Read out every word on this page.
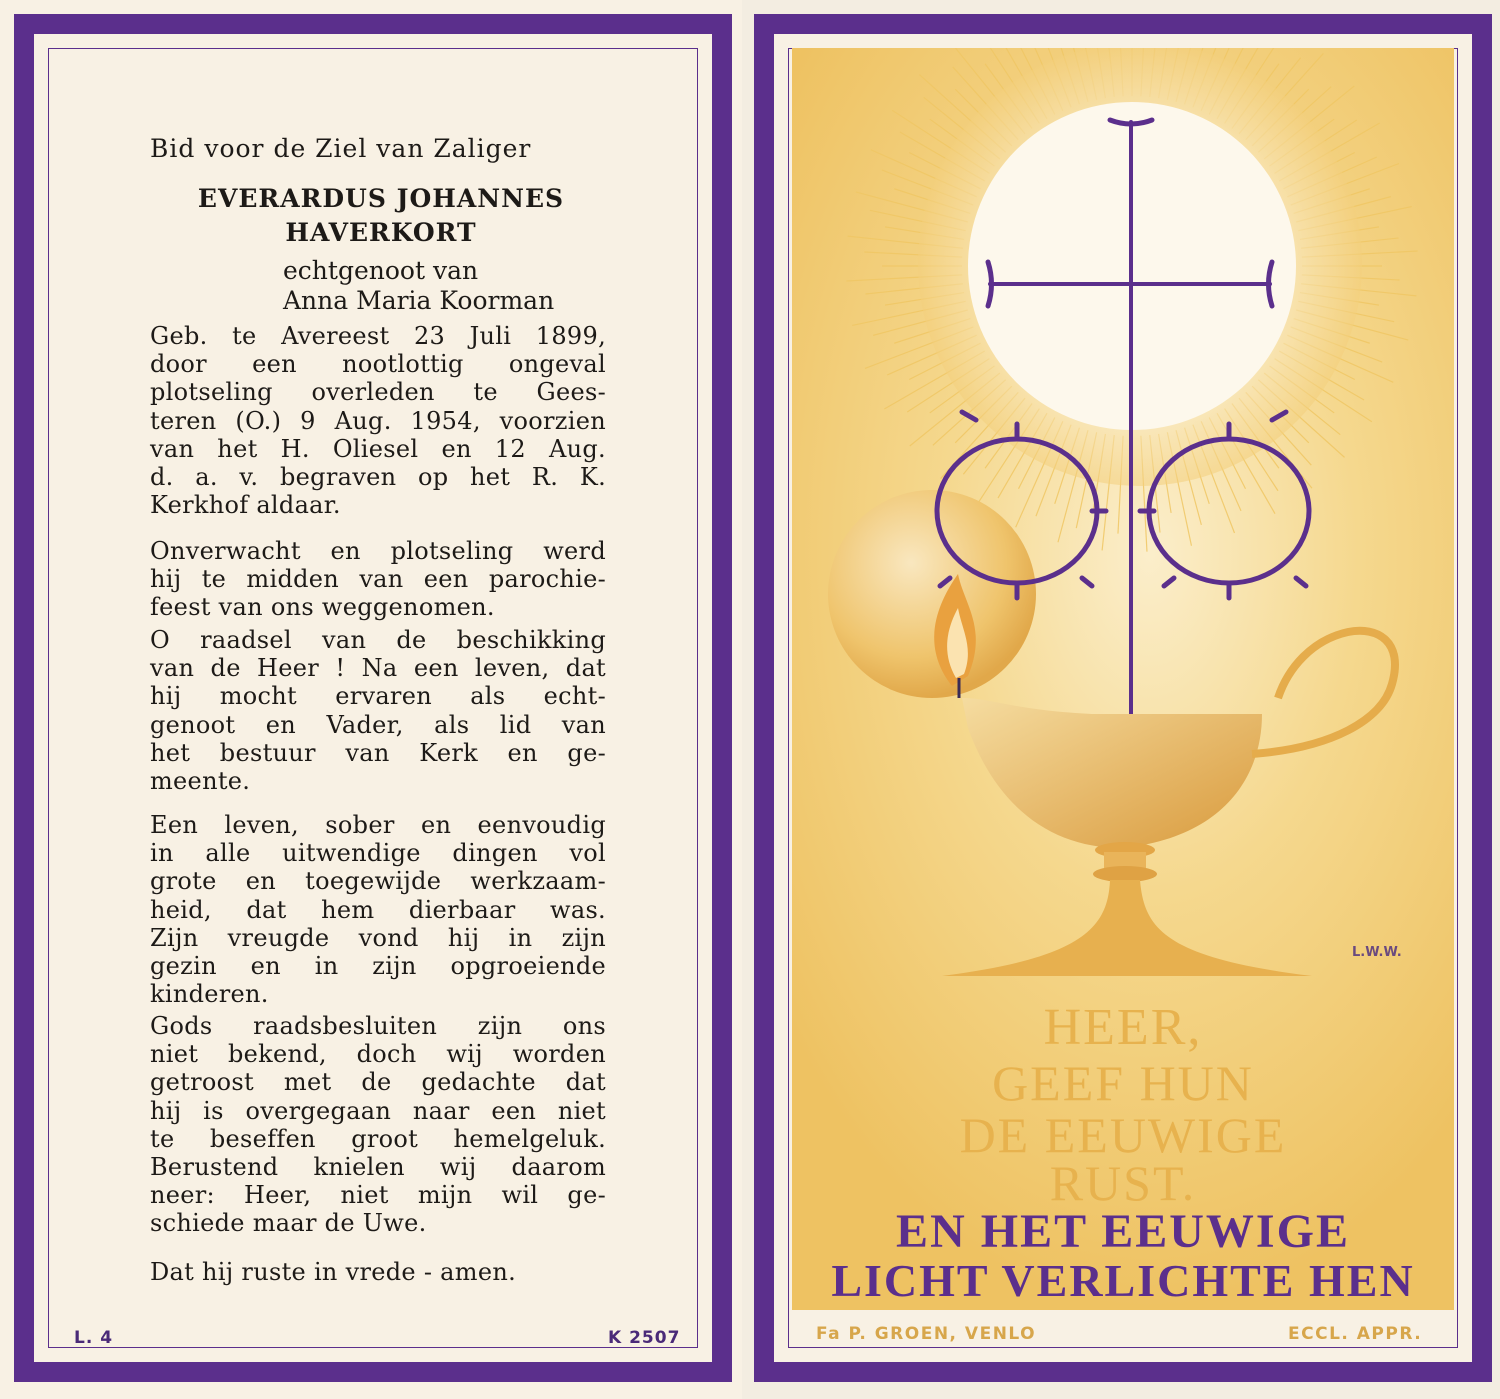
Bid voor de Ziel van Zaliger
EVERARDUS JOHANNES
HAVERKORT
echtgenoot van
Anna Maria Koorman
Geb. te Avereest 23 Juli 1899,
door een nootlottig ongeval
plotseling overleden te Gees-
teren (O.) 9 Aug. 1954, voorzien
van het H. Oliesel en 12 Aug.
d. a. v. begraven op het R. K.
Kerkhof aldaar.
Onverwacht en plotseling werd
hij te midden van een parochie-
feest van ons weggenomen.
O raadsel van de beschikking
van de Heer ! Na een leven, dat
hij mocht ervaren als echt-
genoot en Vader, als lid van
het bestuur van Kerk en ge-
meente.
Een leven, sober en eenvoudig
in alle uitwendige dingen vol
grote en toegewijde werkzaam-
heid, dat hem dierbaar was.
Zijn vreugde vond hij in zijn
gezin en in zijn opgroeiende
kinderen.
Gods raadsbesluiten zijn ons
niet bekend, doch wij worden
getroost met de gedachte dat
hij is overgegaan naar een niet
te beseffen groot hemelgeluk.
Berustend knielen wij daarom
neer: Heer, niet mijn wil ge-
schiede maar de Uwe.
Dat hij ruste in vrede - amen.
L. 4	K 2507
L.W.W.
HEER,
GEEF HUN
DE EEUWIGE
RUST.
EN HET EEUWIGE
LICHT VERLICHTE HEN
Fa P. GROEN, VENLO	ECCL. APPR.
